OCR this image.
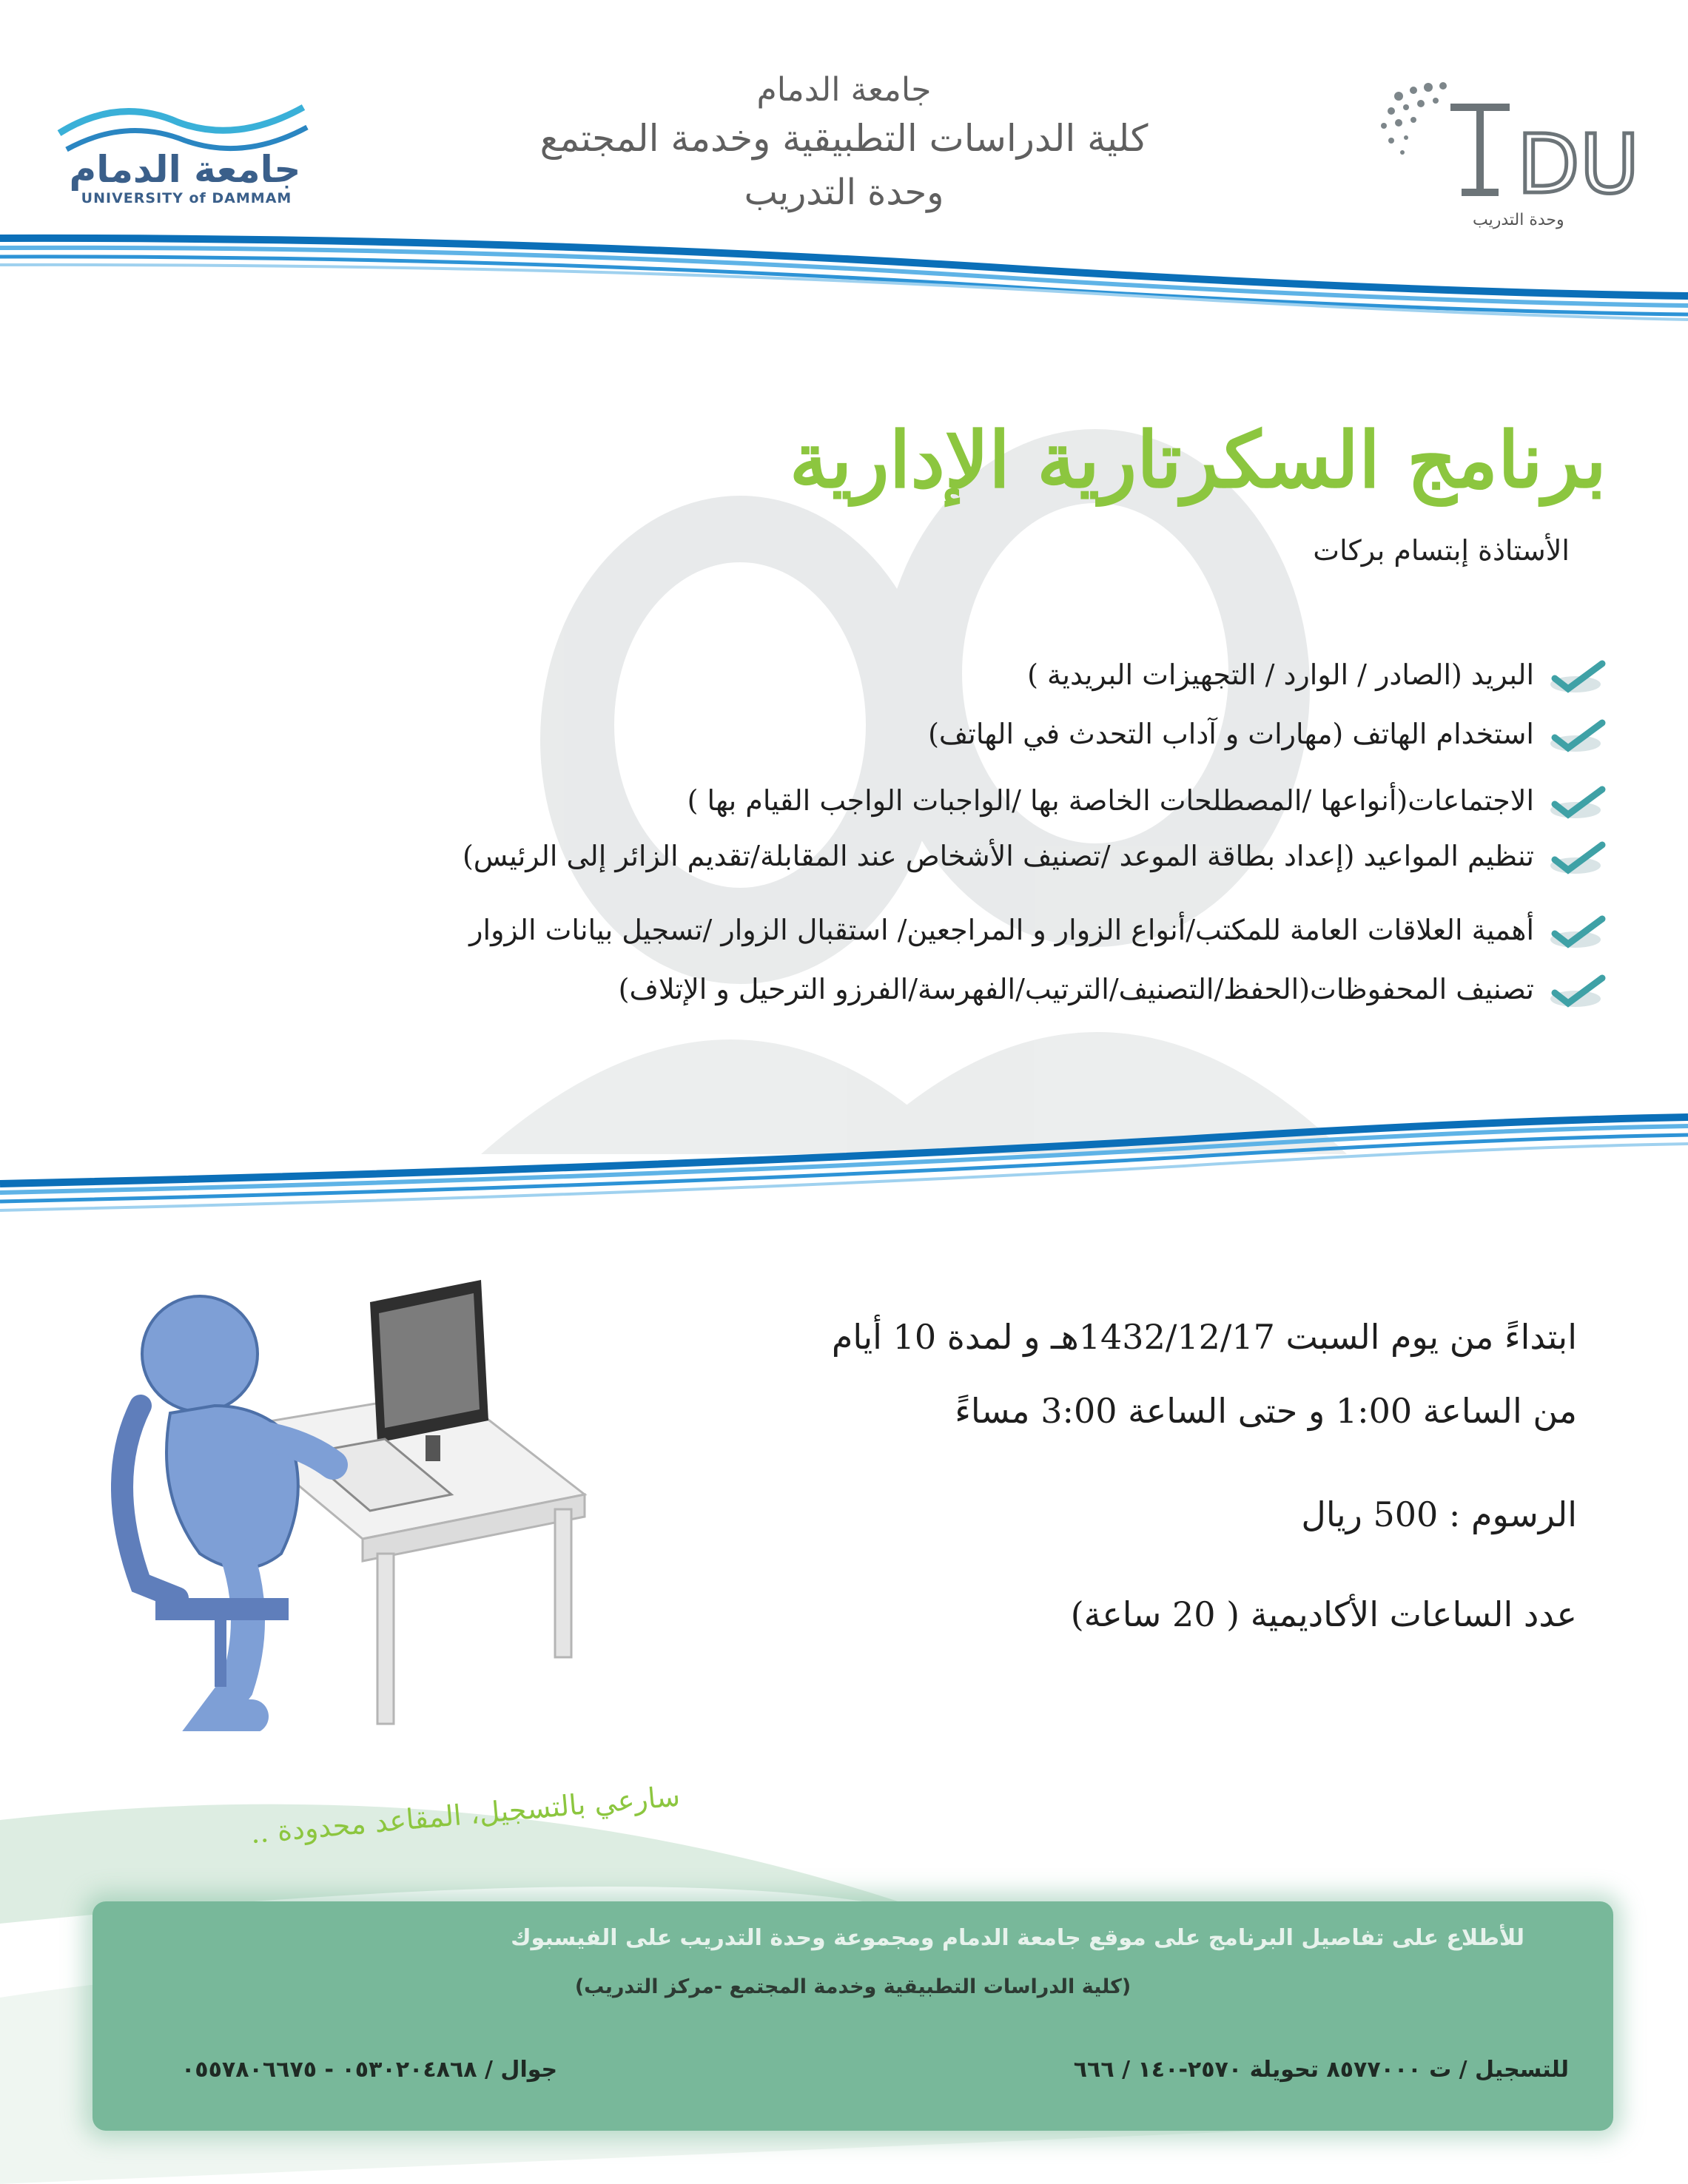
جامعة الدمام
UNIVERSITY of DAMMAM	DU
وحدة التدريب
جامعة الدمام
كلية الدراسات التطبيقية وخدمة المجتمع
وحدة التدريب
برنامج السكرتارية الإدارية
الأستاذة إبتسام بركات
البريد (الصادر / الوارد / التجهيزات البريدية )
استخدام الهاتف (مهارات و آداب التحدث في الهاتف)
الاجتماعات(أنواعها /المصطلحات الخاصة بها /الواجبات الواجب القيام بها )
تنظيم المواعيد (إعداد بطاقة الموعد /تصنيف الأشخاص عند المقابلة/تقديم الزائر إلى الرئيس)
أهمية العلاقات العامة للمكتب/أنواع الزوار و المراجعين/ استقبال الزوار /تسجيل بيانات الزوار
تصنيف المحفوظات(الحفظ/التصنيف/الترتيب/الفهرسة/الفرزو الترحيل و الإتلاف)
ابتداءً من يوم السبت 1432/12/17هـ و لمدة 10 أيام
من الساعة 1:00 و حتى الساعة 3:00 مساءً
الرسوم : 500 ريال
عدد الساعات الأكاديمية ( 20 ساعة)
سارعي بالتسجيل، المقاعد محدودة ..
للأطلاع على تفاصيل البرنامج على موقع جامعة الدمام ومجموعة وحدة التدريب على الفيسبوك
(كلية الدراسات التطبيقية وخدمة المجتمع -مركز التدريب)
للتسجيل / ت ٨٥٧٧٠٠٠ تحويلة ٢٥٧٠-١٤٠ / ٦٦٦
جوال / ٠٥٣٠٢٠٤٨٦٨ - ٠٥٥٧٨٠٦٦٧٥
